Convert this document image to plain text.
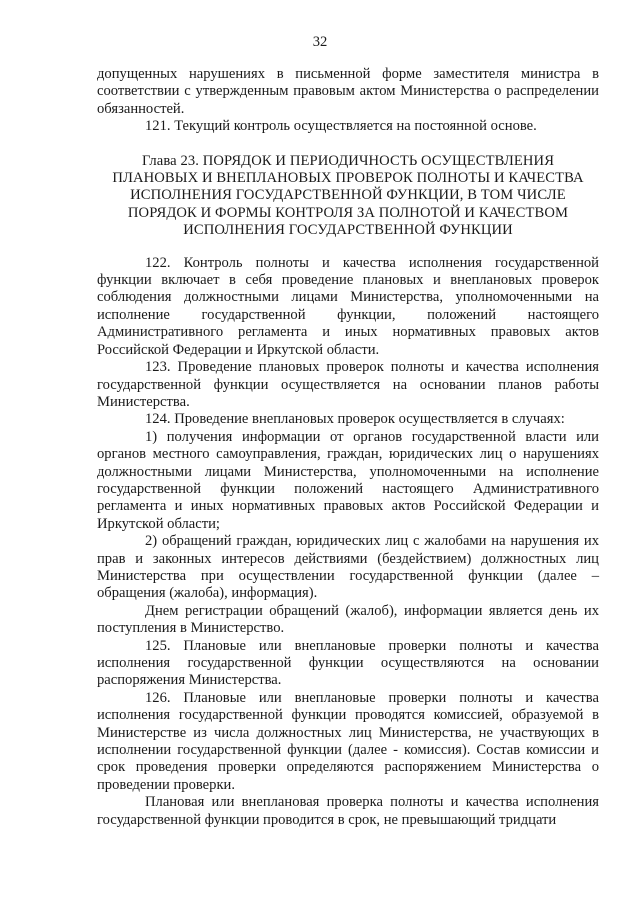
32

допущенных нарушениях в письменной форме заместителя министра в соответствии с утвержденным правовым актом Министерства о распределении обязанностей.

121. Текущий контроль осуществляется на постоянной основе.

Глава 23. ПОРЯДОК И ПЕРИОДИЧНОСТЬ ОСУЩЕСТВЛЕНИЯ
ПЛАНОВЫХ И ВНЕПЛАНОВЫХ ПРОВЕРОК ПОЛНОТЫ И КАЧЕСТВА
ИСПОЛНЕНИЯ ГОСУДАРСТВЕННОЙ ФУНКЦИИ, В ТОМ ЧИСЛЕ
ПОРЯДОК И ФОРМЫ КОНТРОЛЯ ЗА ПОЛНОТОЙ И КАЧЕСТВОМ
ИСПОЛНЕНИЯ ГОСУДАРСТВЕННОЙ ФУНКЦИИ

122. Контроль полноты и качества исполнения государственной функции включает в себя проведение плановых и внеплановых проверок соблюдения должностными лицами Министерства, уполномоченными на исполнение государственной функции, положений настоящего Административного регламента и иных нормативных правовых актов Российской Федерации и Иркутской области.

123. Проведение плановых проверок полноты и качества исполнения государственной функции осуществляется на основании планов работы Министерства.

124. Проведение внеплановых проверок осуществляется в случаях:

1) получения информации от органов государственной власти или органов местного самоуправления, граждан, юридических лиц о нарушениях должностными лицами Министерства, уполномоченными на исполнение государственной функции положений настоящего Административного регламента и иных нормативных правовых актов Российской Федерации и Иркутской области;

2) обращений граждан, юридических лиц с жалобами на нарушения их прав и законных интересов действиями (бездействием) должностных лиц Министерства при осуществлении государственной функции (далее – обращения (жалоба), информация).

Днем регистрации обращений (жалоб), информации является день их поступления в Министерство.

125. Плановые или внеплановые проверки полноты и качества исполнения государственной функции осуществляются на основании распоряжения Министерства.

126. Плановые или внеплановые проверки полноты и качества исполнения государственной функции проводятся комиссией, образуемой в Министерстве из числа должностных лиц Министерства, не участвующих в исполнении государственной функции (далее - комиссия). Состав комиссии и срок проведения проверки определяются распоряжением Министерства о проведении проверки.

Плановая или внеплановая проверка полноты и качества исполнения государственной функции проводится в срок, не превышающий тридцати
